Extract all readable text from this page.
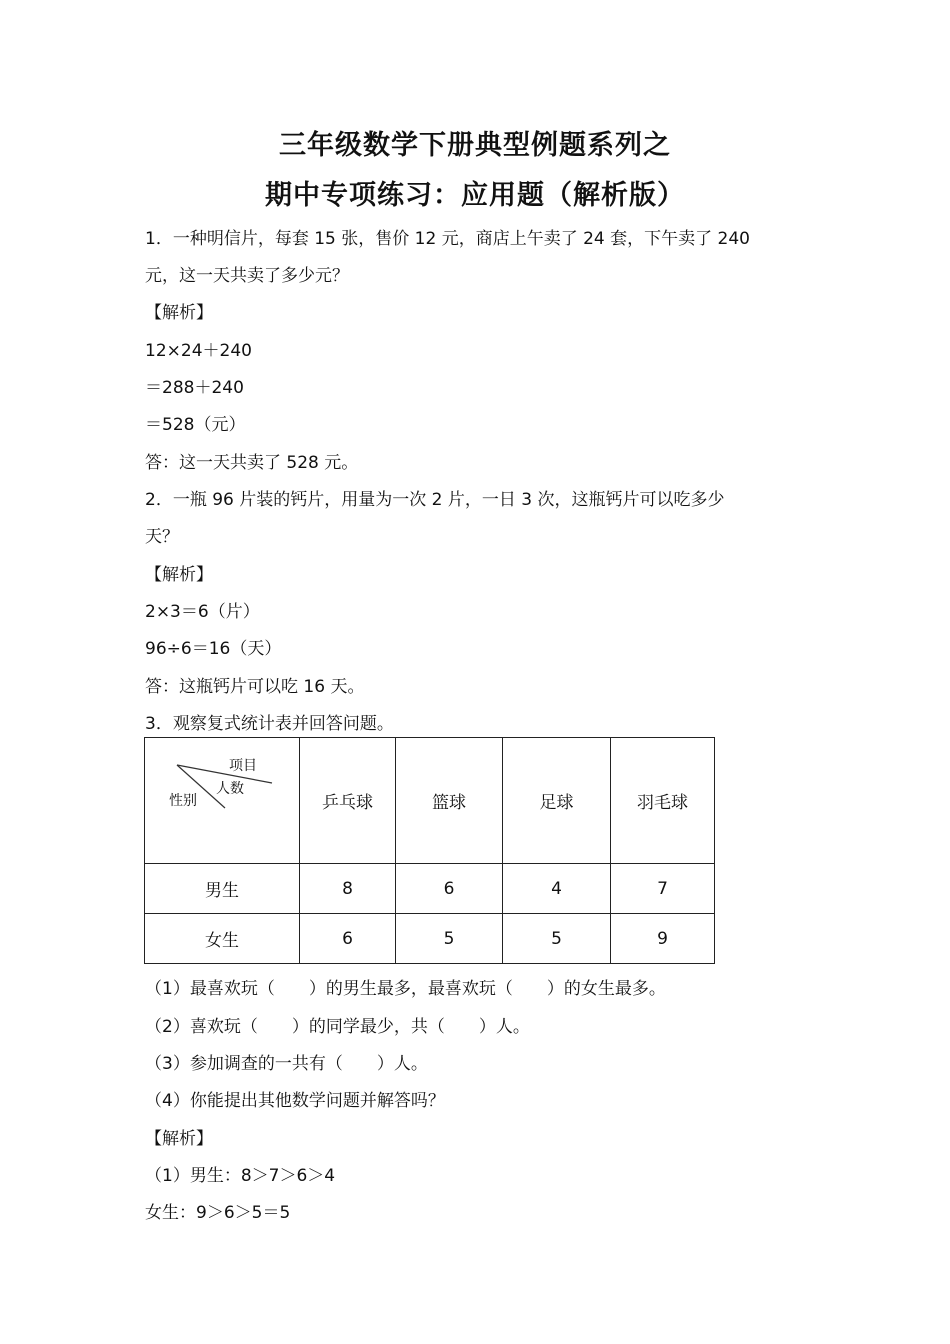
三年级数学下册典型例题系列之
期中专项练习：应用题（解析版）

1．一种明信片，每套 15 张，售价 12 元，商店上午卖了 24 套，下午卖了 240

元，这一天共卖了多少元？

【解析】

12×24＋240

＝288＋240

＝528（元）

答：这一天共卖了 528 元。

2．一瓶 96 片装的钙片，用量为一次 2 片，一日 3 次，这瓶钙片可以吃多少

天？

【解析】

2×3＝6（片）

96÷6＝16（天）

答：这瓶钙片可以吃 16 天。

3．观察复式统计表并回答问题。

项目
人数
性别	乒乓球	篮球	足球	羽毛球
男生	8	6	4	7
女生	6	5	5	9

（1）最喜欢玩（　　）的男生最多，最喜欢玩（　　）的女生最多。

（2）喜欢玩（　　）的同学最少，共（　　）人。

（3）参加调查的一共有（　　）人。

（4）你能提出其他数学问题并解答吗？

【解析】

（1）男生：8＞7＞6＞4

女生：9＞6＞5＝5
